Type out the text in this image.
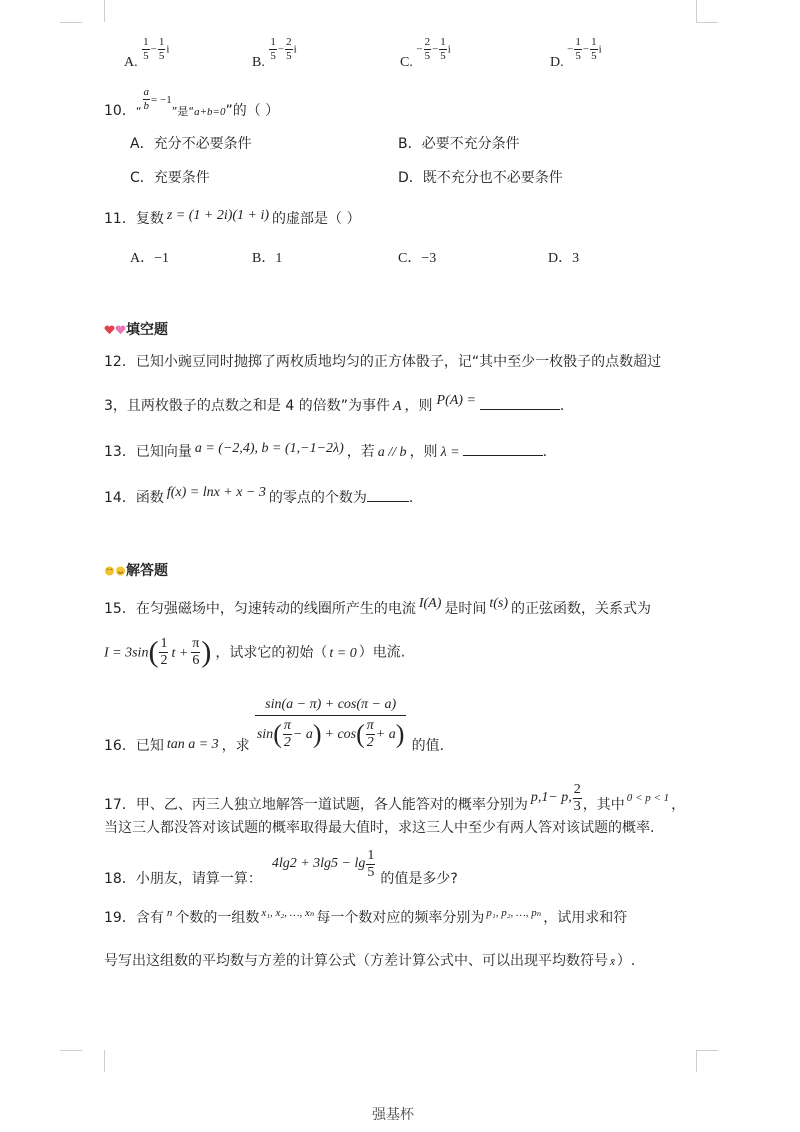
A.
$\frac{1}{5} - \frac{1}{5}$ i
B.
$\frac{1}{5} - \frac{2}{5}$ i
C. − $\frac{2}{5} - \frac{1}{5}$ i
D. − $\frac{1}{5} - \frac{1}{5}$ i
10．$_“ \frac{a}{b} = -1_{”是“a+b=0}$”的（ ）
A．充分不必要条件	B．必要不充分条件
C．充要条件	D．既不充分也不必要条件
11．复数 z = (1 + 2i)(1 + i) 的虚部是（ ）
A．−1	B．1	C．−3	D．3
填空题
12．已知小豌豆同时抛掷了两枚质地均匀的正方体骰子，记“其中至少一枚骰子的点数超过
3，且两枚骰子的点数之和是 4 的倍数”为事件 A ，则 P(A) =	.
13．已知向量 a = (−2,4), b = (1,−1−2λ) ，若 a // b ，则 λ =	.
14．函数 f(x) = lnx + x − 3 的零点的个数为	.
解答题
15．在匀强磁场中，匀速转动的线圈所产生的电流 I(A) 是时间 t(s) 的正弦函数，关系式为
$I = 3\sin( \frac{1}{2}$ $t + \frac{\pi}{6}$ ) ，试求它的初始（ t = 0 ）电流.
16．已知 tan a = 3 ，求 $\frac{\sin(a - \pi) + \cos(\pi - a)}{\sin( \frac{\pi}{2} - a) + \cos( \frac{\pi}{2} + a)}$ 的值.
17．甲、乙、丙三人独立地解答一道试题，各人能答对的概率分别为 p,1− p, $\frac{2}{3}$ ，其中 0 < p < 1 ，
当这三人都没答对该试题的概率取得最大值时，求这三人中至少有两人答对该试题的概率.
18．小朋友，请算一算：$4\lg 2 + 3\lg 5 - \lg \frac{1}{5}$ 的值是多少?
19．含有 $^n$ 个数的一组数 $^{x_1, x_2, \dots, x_n}$ 每一个数对应的频率分别为 $^{p_1, p_2, \dots, p_n}$ ，试用求和符
号写出这组数的平均数与方差的计算公式（方差计算公式中、可以出现平均数符号 x̄ ）.
强基杯
